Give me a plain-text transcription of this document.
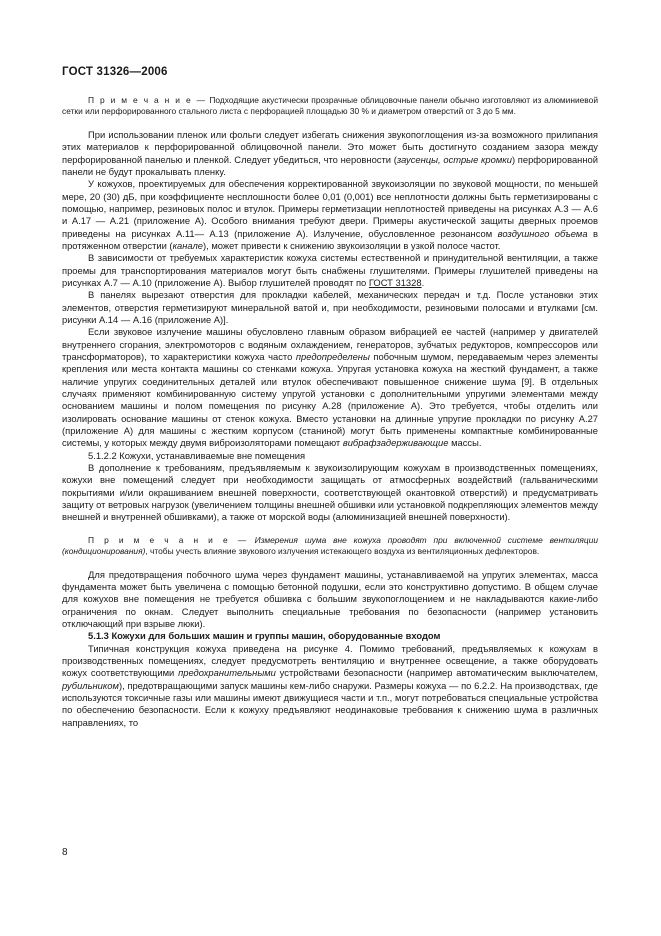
ГОСТ 31326—2006

П р и м е ч а н и е — Подходящие акустически прозрачные облицовочные панели обычно изготовляют из алюминиевой сетки или перфорированного стального листа с перфорацией площадью 30 % и диаметром отверстий от 3 до 5 мм.

При использовании пленок или фольги следует избегать снижения звукопоглощения из-за возможного прилипания этих материалов к перфорированной облицовочной панели. Это может быть достигнуто созданием зазора между перфорированной панелью и пленкой. Следует убедиться, что неровности (заусенцы, острые кромки) перфорированной панели не будут прокалывать пленку.

У кожухов, проектируемых для обеспечения корректированной звукоизоляции по звуковой мощности, по меньшей мере, 20 (30) дБ, при коэффициенте несплошности более 0,01 (0,001) все неплотности должны быть герметизированы с помощью, например, резиновых полос и втулок. Примеры герметизации неплотностей приведены на рисунках А.3 — А.6 и А.17 — А.21 (приложение А). Особого внимания требуют двери. Примеры акустической защиты дверных проемов приведены на рисунках А.11— А.13 (приложение А). Излучение, обусловленное резонансом воздушного объема в протяженном отверстии (канале), может привести к снижению звукоизоляции в узкой полосе частот.

В зависимости от требуемых характеристик кожуха системы естественной и принудительной вентиляции, а также проемы для транспортирования материалов могут быть снабжены глушителями. Примеры глушителей приведены на рисунках А.7 — А.10 (приложение А). Выбор глушителей проводят по ГОСТ 31328.

В панелях вырезают отверстия для прокладки кабелей, механических передач и т.д. После установки этих элементов, отверстия герметизируют минеральной ватой и, при необходимости, резиновыми полосами и втулками [см. рисунки А.14 — А.16 (приложение А)].

Если звуковое излучение машины обусловлено главным образом вибрацией ее частей (например у двигателей внутреннего сгорания, электромоторов с водяным охлаждением, генераторов, зубчатых редукторов, компрессоров или трансформаторов), то характеристики кожуха часто предопределены побочным шумом, передаваемым через элементы крепления или места контакта машины со стенками кожуха. Упругая установка кожуха на жесткий фундамент, а также наличие упругих соединительных деталей или втулок обеспечивают повышенное снижение шума [9]. В отдельных случаях применяют комбинированную систему упругой установки с дополнительными упругими элементами между основанием машины и полом помещения по рисунку А.28 (приложение А). Это требуется, чтобы отделить или изолировать основание машины от стенок кожуха. Вместо установки на длинные упругие прокладки по рисунку А.27 (приложение А) для машины с жестким корпусом (станиной) могут быть применены компактные комбинированные системы, у которых между двумя виброизоляторами помещают вибрафзадерживающие массы.

5.1.2.2 Кожухи, устанавливаемые вне помещения

В дополнение к требованиям, предъявляемым к звукоизолирующим кожухам в производственных помещениях, кожухи вне помещений следует при необходимости защищать от атмосферных воздействий (гальваническими покрытиями и/или окрашиванием внешней поверхности, соответствующей окантовкой отверстий) и предусматривать защиту от ветровых нагрузок (увеличением толщины внешней обшивки или установкой подкрепляющих элементов между внешней и внутренней обшивками), а также от морской воды (алюминизацией внешней поверхности).

П р и м е ч а н и е — Измерения шума вне кожуха проводят при включенной системе вентиляции (кондиционирования), чтобы учесть влияние звукового излучения истекающего воздуха из вентиляционных дефлекторов.

Для предотвращения побочного шума через фундамент машины, устанавливаемой на упругих элементах, масса фундамента может быть увеличена с помощью бетонной подушки, если это конструктивно допустимо. В общем случае для кожухов вне помещения не требуется обшивка с большим звукопоглощением и не накладываются какие-либо ограничения по окнам. Следует выполнить специальные требования по безопасности (например установить отключающий при взрыве люки).

5.1.3 Кожухи для больших машин и группы машин, оборудованные входом

Типичная конструкция кожуха приведена на рисунке 4. Помимо требований, предъявляемых к кожухам в производственных помещениях, следует предусмотреть вентиляцию и внутреннее освещение, а также оборудовать кожух соответствующими предохранительными устройствами безопасности (например автоматическим выключателем, рубильником), предотвращающими запуск машины кем-либо снаружи. Размеры кожуха — по 6.2.2. На производствах, где используются токсичные газы или машины имеют движущиеся части и т.п., могут потребоваться специальные устройства по обеспечению безопасности. Если к кожуху предъявляют неодинаковые требования к снижению шума в различных направлениях, то

8
